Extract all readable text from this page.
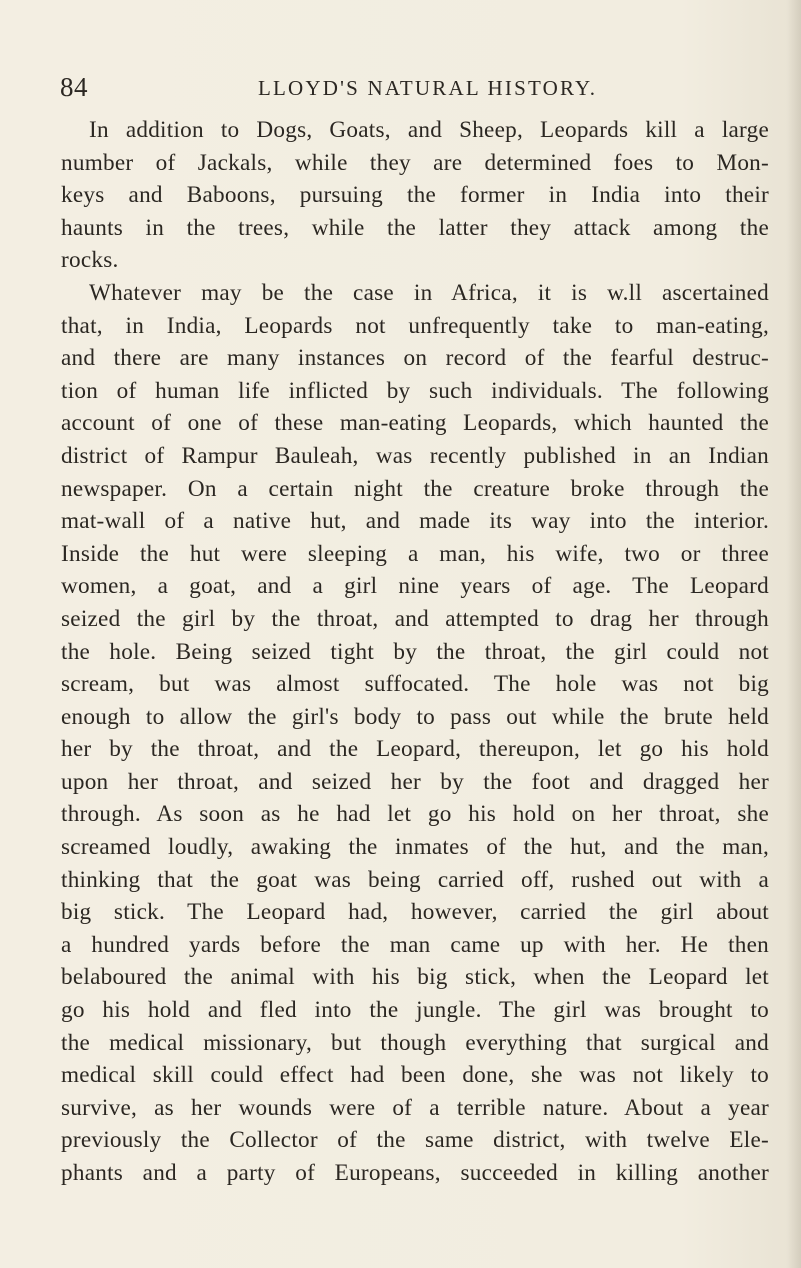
84	LLOYD'S NATURAL HISTORY.
In addition to Dogs, Goats, and Sheep, Leopards kill a large
number of Jackals, while they are determined foes to Mon-
keys and Baboons, pursuing the former in India into their
haunts in the trees, while the latter they attack among the
rocks.
Whatever may be the case in Africa, it is w.ll ascertained
that, in India, Leopards not unfrequently take to man-eating,
and there are many instances on record of the fearful destruc-
tion of human life inflicted by such individuals. The following
account of one of these man-eating Leopards, which haunted the
district of Rampur Bauleah, was recently published in an Indian
newspaper. On a certain night the creature broke through the
mat-wall of a native hut, and made its way into the interior.
Inside the hut were sleeping a man, his wife, two or three
women, a goat, and a girl nine years of age. The Leopard
seized the girl by the throat, and attempted to drag her through
the hole. Being seized tight by the throat, the girl could not
scream, but was almost suffocated. The hole was not big
enough to allow the girl's body to pass out while the brute held
her by the throat, and the Leopard, thereupon, let go his hold
upon her throat, and seized her by the foot and dragged her
through. As soon as he had let go his hold on her throat, she
screamed loudly, awaking the inmates of the hut, and the man,
thinking that the goat was being carried off, rushed out with a
big stick. The Leopard had, however, carried the girl about
a hundred yards before the man came up with her. He then
belaboured the animal with his big stick, when the Leopard let
go his hold and fled into the jungle. The girl was brought to
the medical missionary, but though everything that surgical and
medical skill could effect had been done, she was not likely to
survive, as her wounds were of a terrible nature. About a year
previously the Collector of the same district, with twelve Ele-
phants and a party of Europeans, succeeded in killing another
